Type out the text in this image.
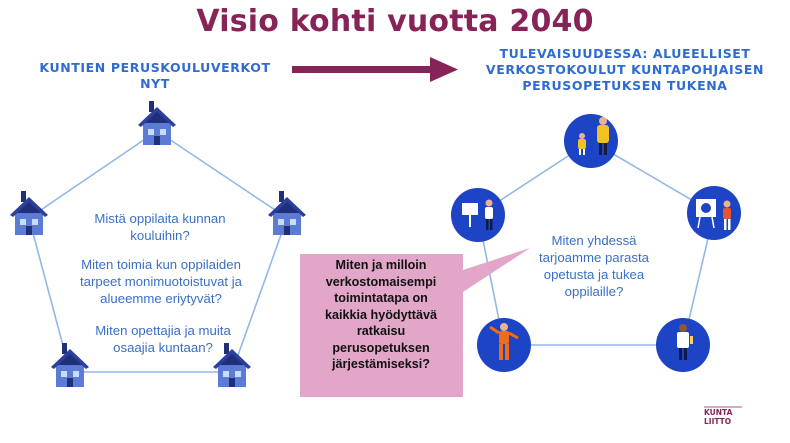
Visio kohti vuotta 2040
KUNTIEN PERUSKOULUVERKOT
NYT
TULEVAISUUDESSA: ALUEELLISET
VERKOSTOKOULUT KUNTAPOHJAISEN
PERUSOPETUKSEN TUKENA
KUNTA
LIITTO
Mistä oppilaita kunnan
kouluihin?
Miten toimia kun oppilaiden
tarpeet monimuotoistuvat ja
alueemme eriytyvät?
Miten opettajia ja muita
osaajia kuntaan?
Miten yhdessä
tarjoamme parasta
opetusta ja tukea
oppilaille?
Miten ja milloin
verkostomaisempi
toimintatapa on
kaikkia hyödyttävä
ratkaisu
perusopetuksen
järjestämiseksi?
